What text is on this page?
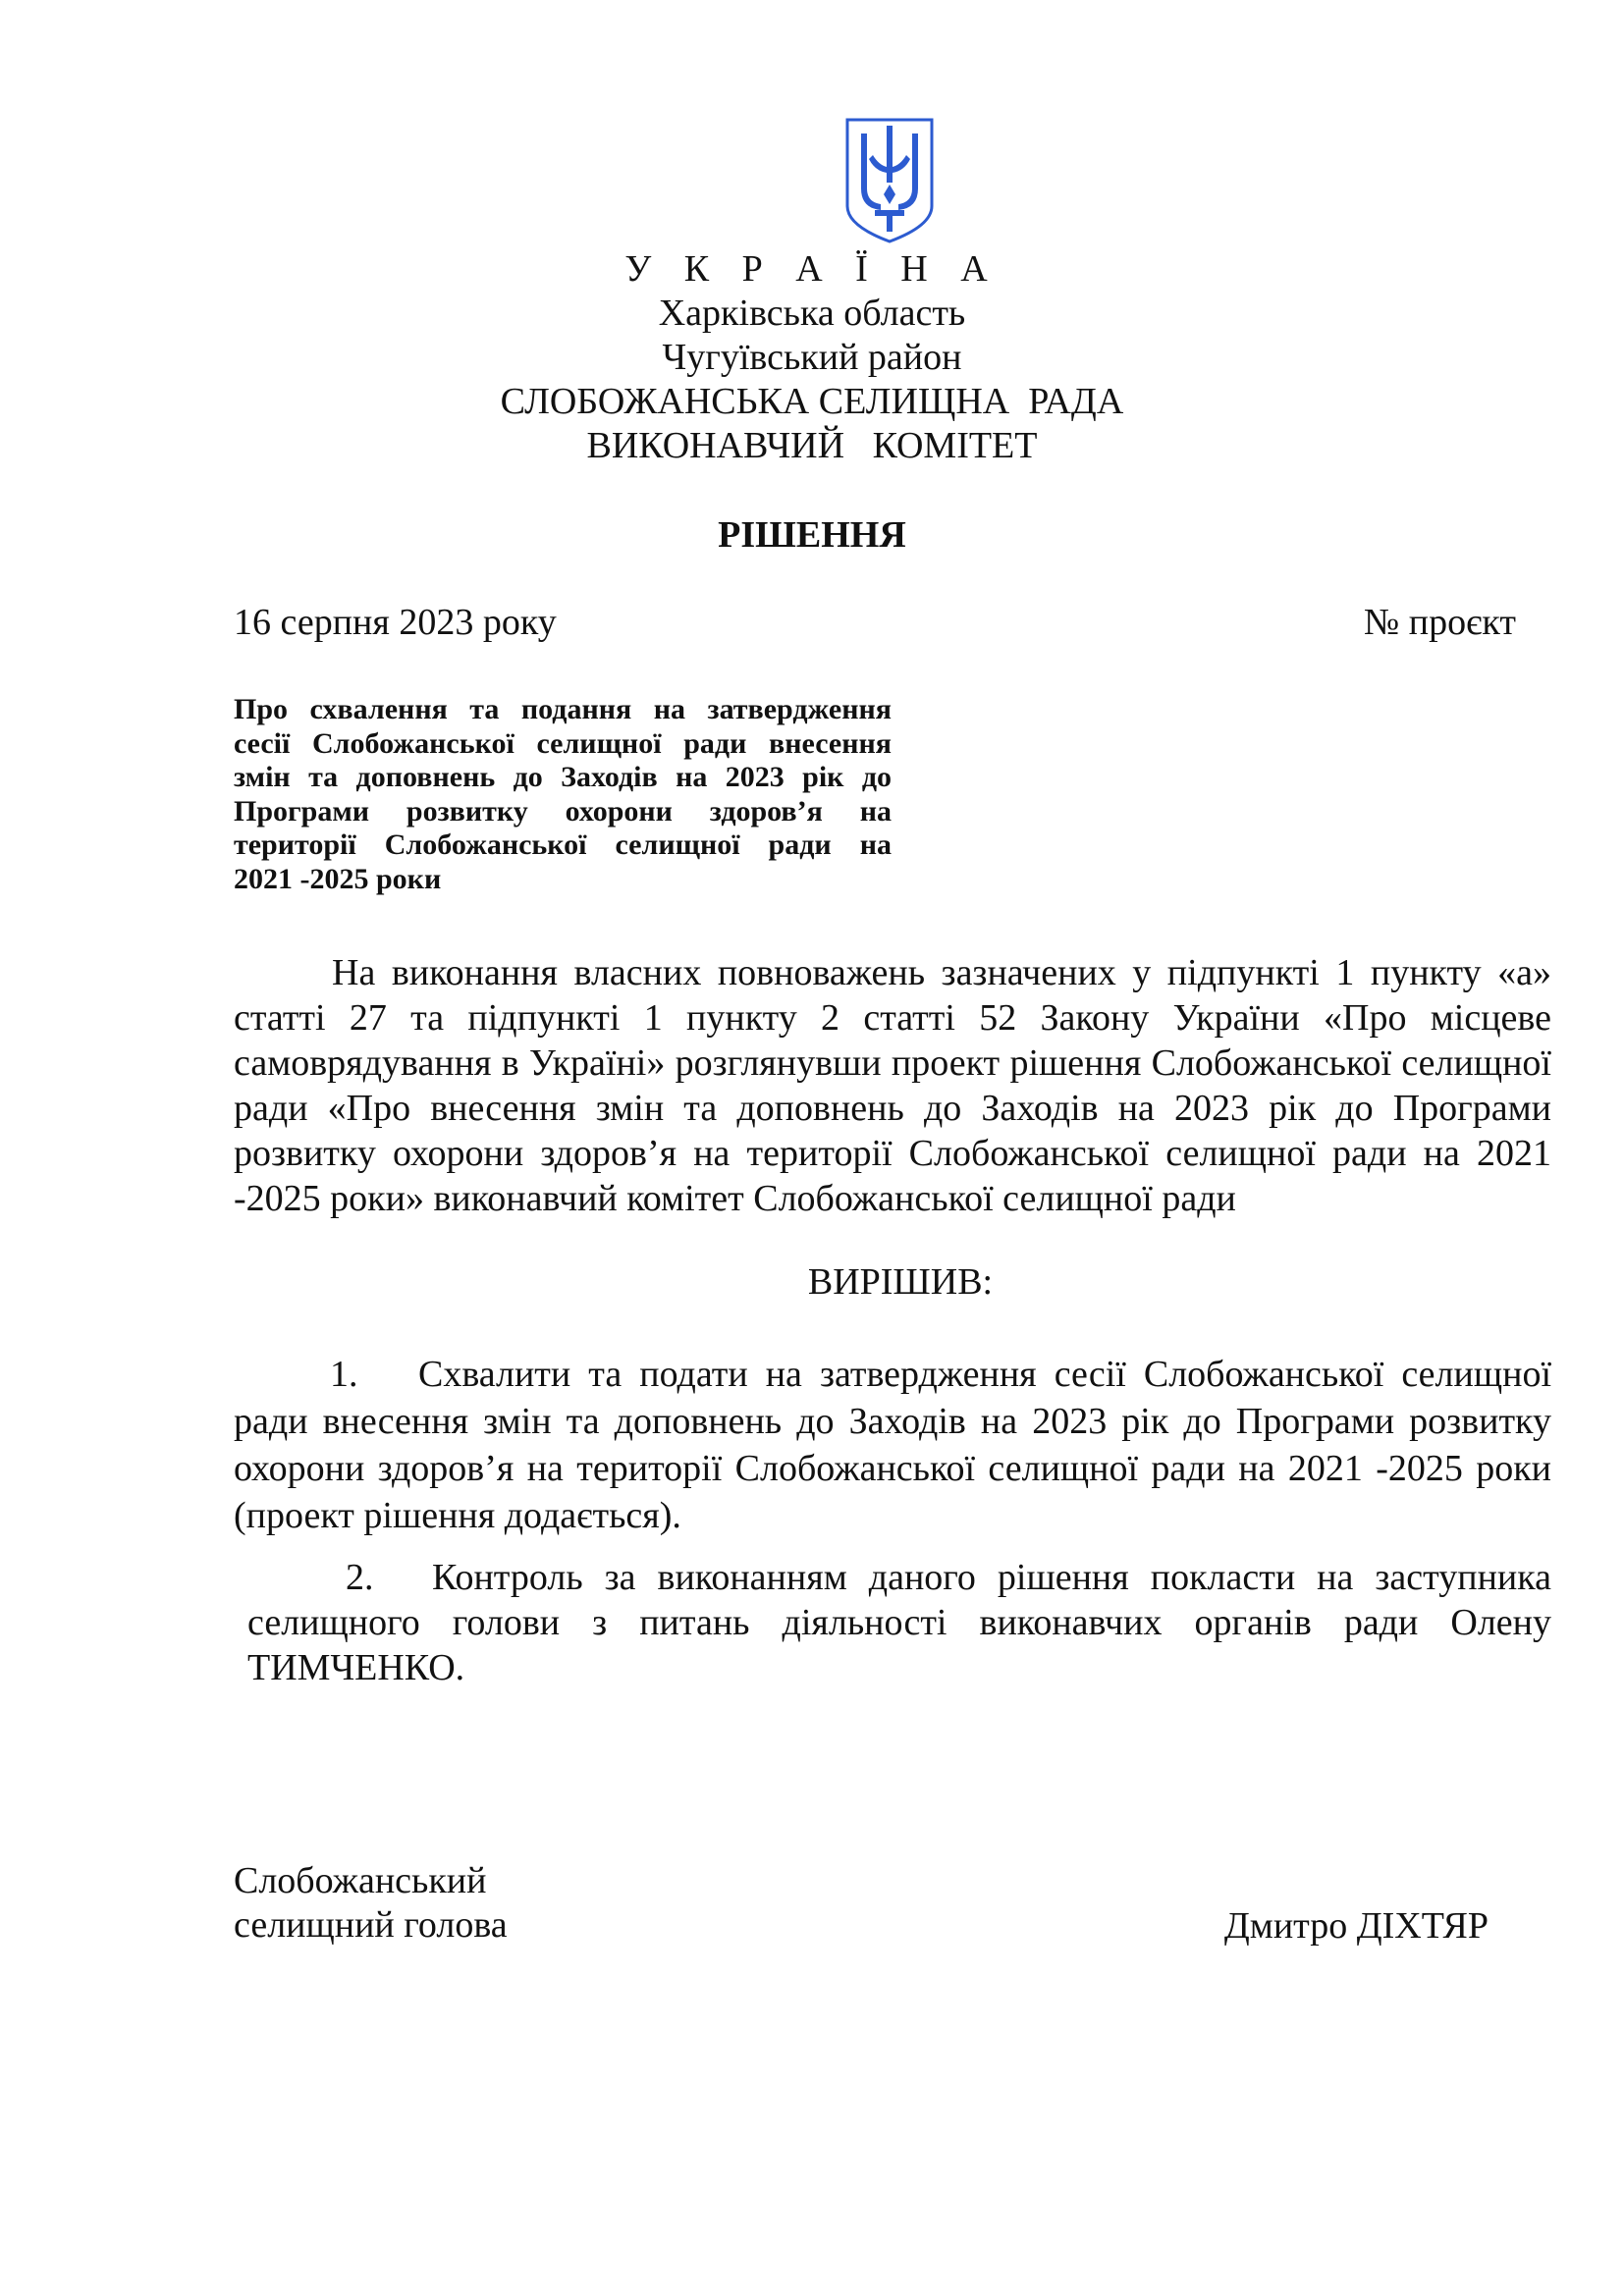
У К Р А Ї Н А
Харківська область
Чугуївський район
СЛОБОЖАНСЬКА СЕЛИЩНА  РАДА
ВИКОНАВЧИЙ   КОМІТЕТ
РІШЕННЯ
16 серпня 2023 року	№ проєкт
Про схвалення та подання на затвердження
сесії Слобожанської селищної ради внесення
змін та доповнень до Заходів на 2023 рік до
Програми розвитку охорони здоров’я на
території Слобожанської селищної ради на
2021 -2025 роки
На виконання власних повноважень зазначених у підпункті 1 пункту «а» статті 27 та підпункті 1 пункту 2 статті 52 Закону України «Про місцеве самоврядування в Україні» розглянувши проект рішення Слобожанської селищної ради «Про внесення змін та доповнень до Заходів на 2023 рік до Програми розвитку охорони здоров’я на території Слобожанської селищної ради на 2021 -2025 роки» виконавчий комітет Слобожанської селищної ради
ВИРІШИВ:
1.	Схвалити та подати на затвердження сесії Слобожанської селищної ради внесення змін та доповнень до Заходів на 2023 рік до Програми розвитку охорони здоров’я на території Слобожанської селищної ради на 2021 -2025 роки (проект рішення додається).
2.	Контроль за виконанням даного рішення покласти на заступника селищного голови з питань діяльності виконавчих органів ради Олену ТИМЧЕНКО.
Слобожанський
селищний голова	Дмитро ДІХТЯР
